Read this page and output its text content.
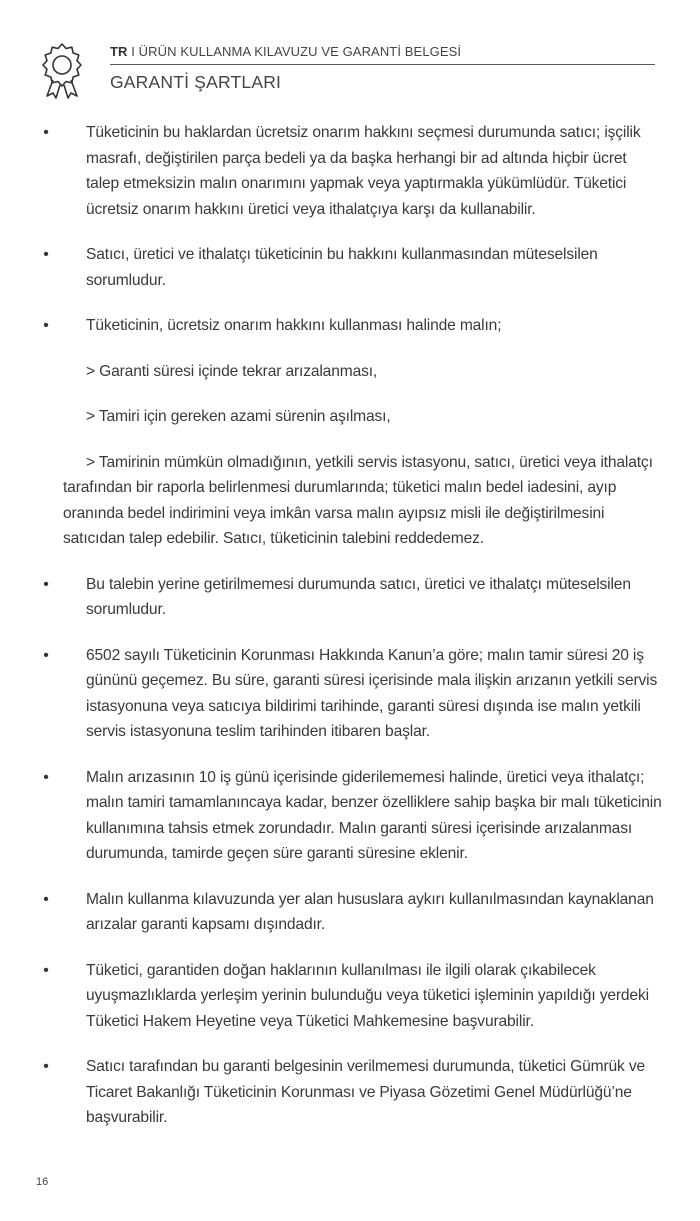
TR I ÜRÜN KULLANMA KILAVUZU VE GARANTİ BELGESİ
GARANTİ ŞARTLARI
• Tüketicinin bu haklardan ücretsiz onarım hakkını seçmesi durumunda satıcı; işçilik masrafı, değiştirilen parça bedeli ya da başka herhangi bir ad altında hiçbir ücret talep etmeksizin malın onarımını yapmak veya yaptırmakla yükümlüdür. Tüketici ücretsiz onarım hakkını üretici veya ithalatçıya karşı da kullanabilir.
• Satıcı, üretici ve ithalatçı tüketicinin bu hakkını kullanmasından müteselsilen sorumludur.
• Tüketicinin, ücretsiz onarım hakkını kullanması halinde malın;
> Garanti süresi içinde tekrar arızalanması,
> Tamiri için gereken azami sürenin aşılması,
> Tamirinin mümkün olmadığının, yetkili servis istasyonu, satıcı, üretici veya ithalatçı tarafından bir raporla belirlenmesi durumlarında; tüketici malın bedel iadesini, ayıp oranında bedel indirimini veya imkân varsa malın ayıpsız misli ile değiştirilmesini satıcıdan talep edebilir. Satıcı, tüketicinin talebini reddedemez.
• Bu talebin yerine getirilmemesi durumunda satıcı, üretici ve ithalatçı müteselsilen sorumludur.
• 6502 sayılı Tüketicinin Korunması Hakkında Kanun’a göre; malın tamir süresi 20 iş gününü geçemez. Bu süre, garanti süresi içerisinde mala ilişkin arızanın yetkili servis istasyonuna veya satıcıya bildirimi tarihinde, garanti süresi dışında ise malın yetkili servis istasyonuna teslim tarihinden itibaren başlar.
• Malın arızasının 10 iş günü içerisinde giderilememesi halinde, üretici veya ithalatçı; malın tamiri tamamlanıncaya kadar, benzer özelliklere sahip başka bir malı tüketicinin kullanımına tahsis etmek zorundadır. Malın garanti süresi içerisinde arızalanması durumunda, tamirde geçen süre garanti süresine eklenir.
• Malın kullanma kılavuzunda yer alan hususlara aykırı kullanılmasından kaynaklanan arızalar garanti kapsamı dışındadır.
• Tüketici, garantiden doğan haklarının kullanılması ile ilgili olarak çıkabilecek uyuşmazlıklarda yerleşim yerinin bulunduğu veya tüketici işleminin yapıldığı yerdeki Tüketici Hakem Heyetine veya Tüketici Mahkemesine başvurabilir.
• Satıcı tarafından bu garanti belgesinin verilmemesi durumunda, tüketici Gümrük ve Ticaret Bakanlığı Tüketicinin Korunması ve Piyasa Gözetimi Genel Müdürlüğü’ne başvurabilir.
16
